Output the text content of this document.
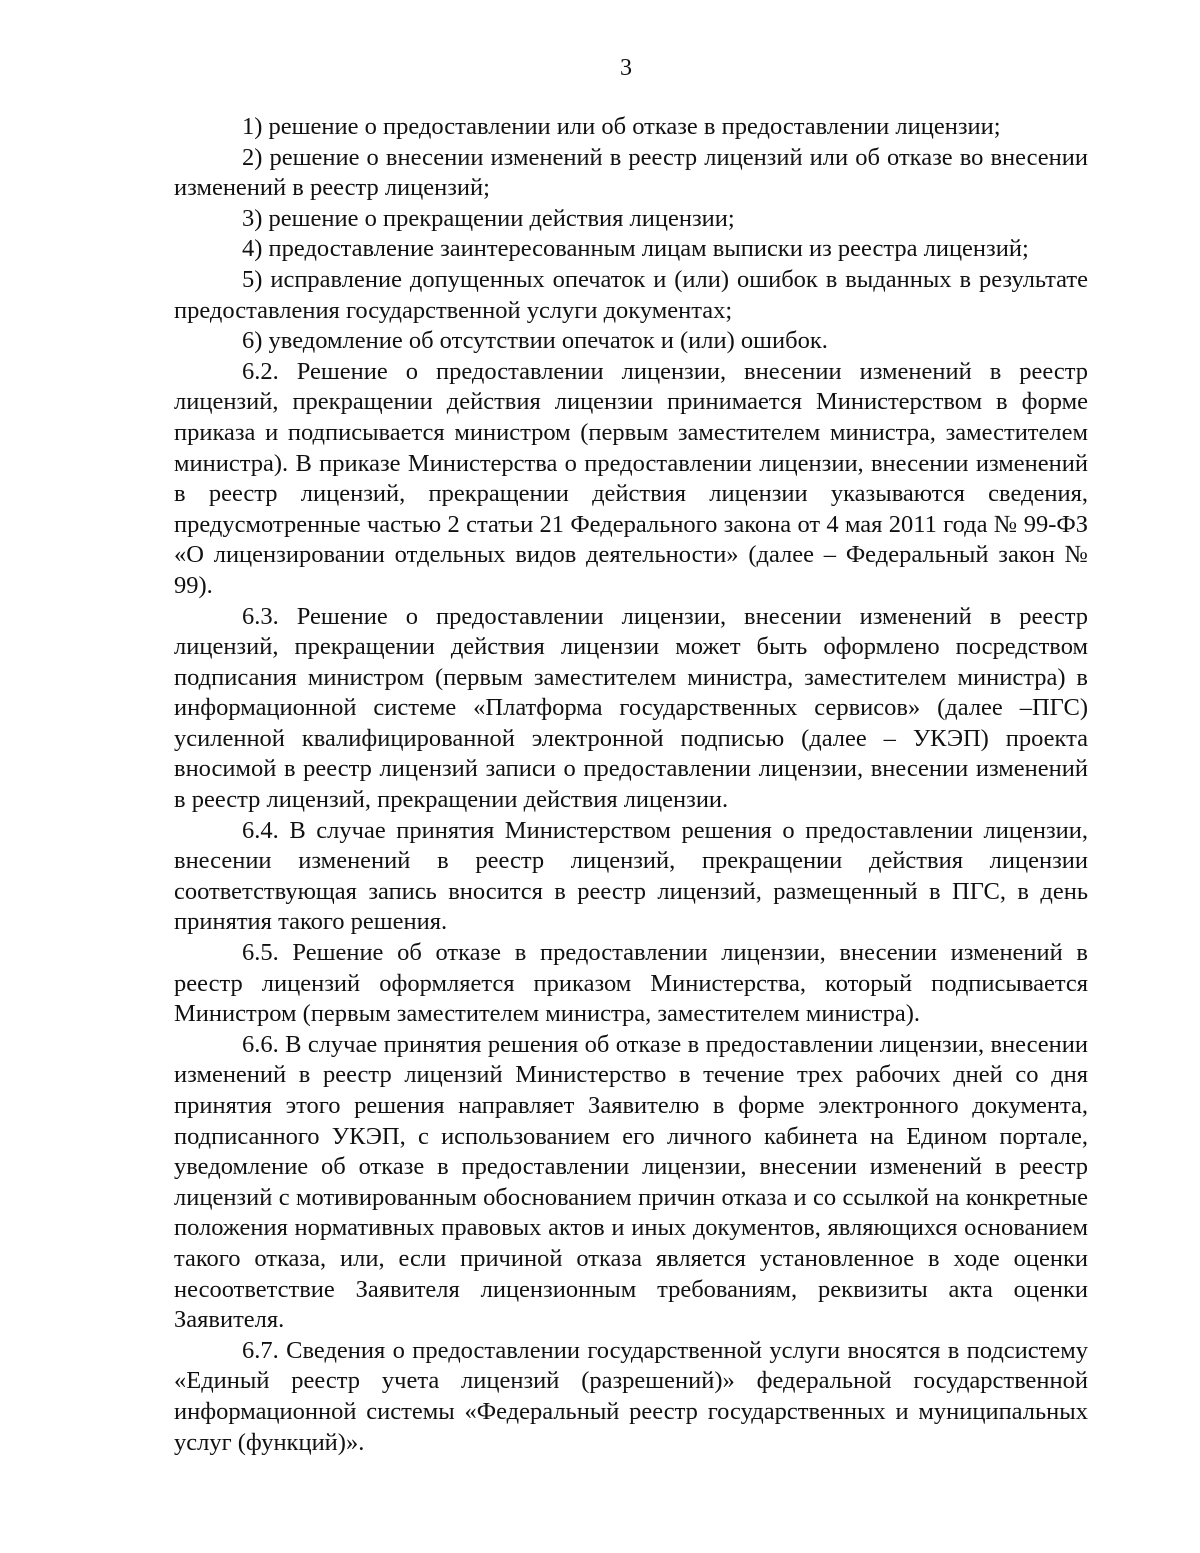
3

1) решение о предоставлении или об отказе в предоставлении лицензии;

2) решение о внесении изменений в реестр лицензий или об отказе во внесении изменений в реестр лицензий;

3) решение о прекращении действия лицензии;

4) предоставление заинтересованным лицам выписки из реестра лицензий;

5) исправление допущенных опечаток и (или) ошибок в выданных в результате предоставления государственной услуги документах;

6) уведомление об отсутствии опечаток и (или) ошибок.

6.2. Решение о предоставлении лицензии, внесении изменений в реестр лицензий, прекращении действия лицензии принимается Министерством в форме приказа и подписывается министром (первым заместителем министра, заместителем министра). В приказе Министерства о предоставлении лицензии, внесении изменений в реестр лицензий, прекращении действия лицензии указываются сведения, предусмотренные частью 2 статьи 21 Федерального закона от 4 мая 2011 года № 99-ФЗ «О лицензировании отдельных видов деятельности» (далее – Федеральный закон № 99).

6.3. Решение о предоставлении лицензии, внесении изменений в реестр лицензий, прекращении действия лицензии может быть оформлено посредством подписания министром (первым заместителем министра, заместителем министра) в информационной системе «Платформа государственных сервисов» (далее –ПГС) усиленной квалифицированной электронной подписью (далее – УКЭП) проекта вносимой в реестр лицензий записи о предоставлении лицензии, внесении изменений в реестр лицензий, прекращении действия лицензии.

6.4. В случае принятия Министерством решения о предоставлении лицензии, внесении изменений в реестр лицензий, прекращении действия лицензии соответствующая запись вносится в реестр лицензий, размещенный в ПГС, в день принятия такого решения.

6.5. Решение об отказе в предоставлении лицензии, внесении изменений в реестр лицензий оформляется приказом Министерства, который подписывается Министром (первым заместителем министра, заместителем министра).

6.6. В случае принятия решения об отказе в предоставлении лицензии, внесении изменений в реестр лицензий Министерство в течение трех рабочих дней со дня принятия этого решения направляет Заявителю в форме электронного документа, подписанного УКЭП, с использованием его личного кабинета на Едином портале, уведомление об отказе в предоставлении лицензии, внесении изменений в реестр лицензий с мотивированным обоснованием причин отказа и со ссылкой на конкретные положения нормативных правовых актов и иных документов, являющихся основанием такого отказа, или, если причиной отказа является установленное в ходе оценки несоответствие Заявителя лицензионным требованиям, реквизиты акта оценки Заявителя.

6.7. Сведения о предоставлении государственной услуги вносятся в подсистему «Единый реестр учета лицензий (разрешений)» федеральной государственной информационной системы «Федеральный реестр государственных и муниципальных услуг (функций)».
